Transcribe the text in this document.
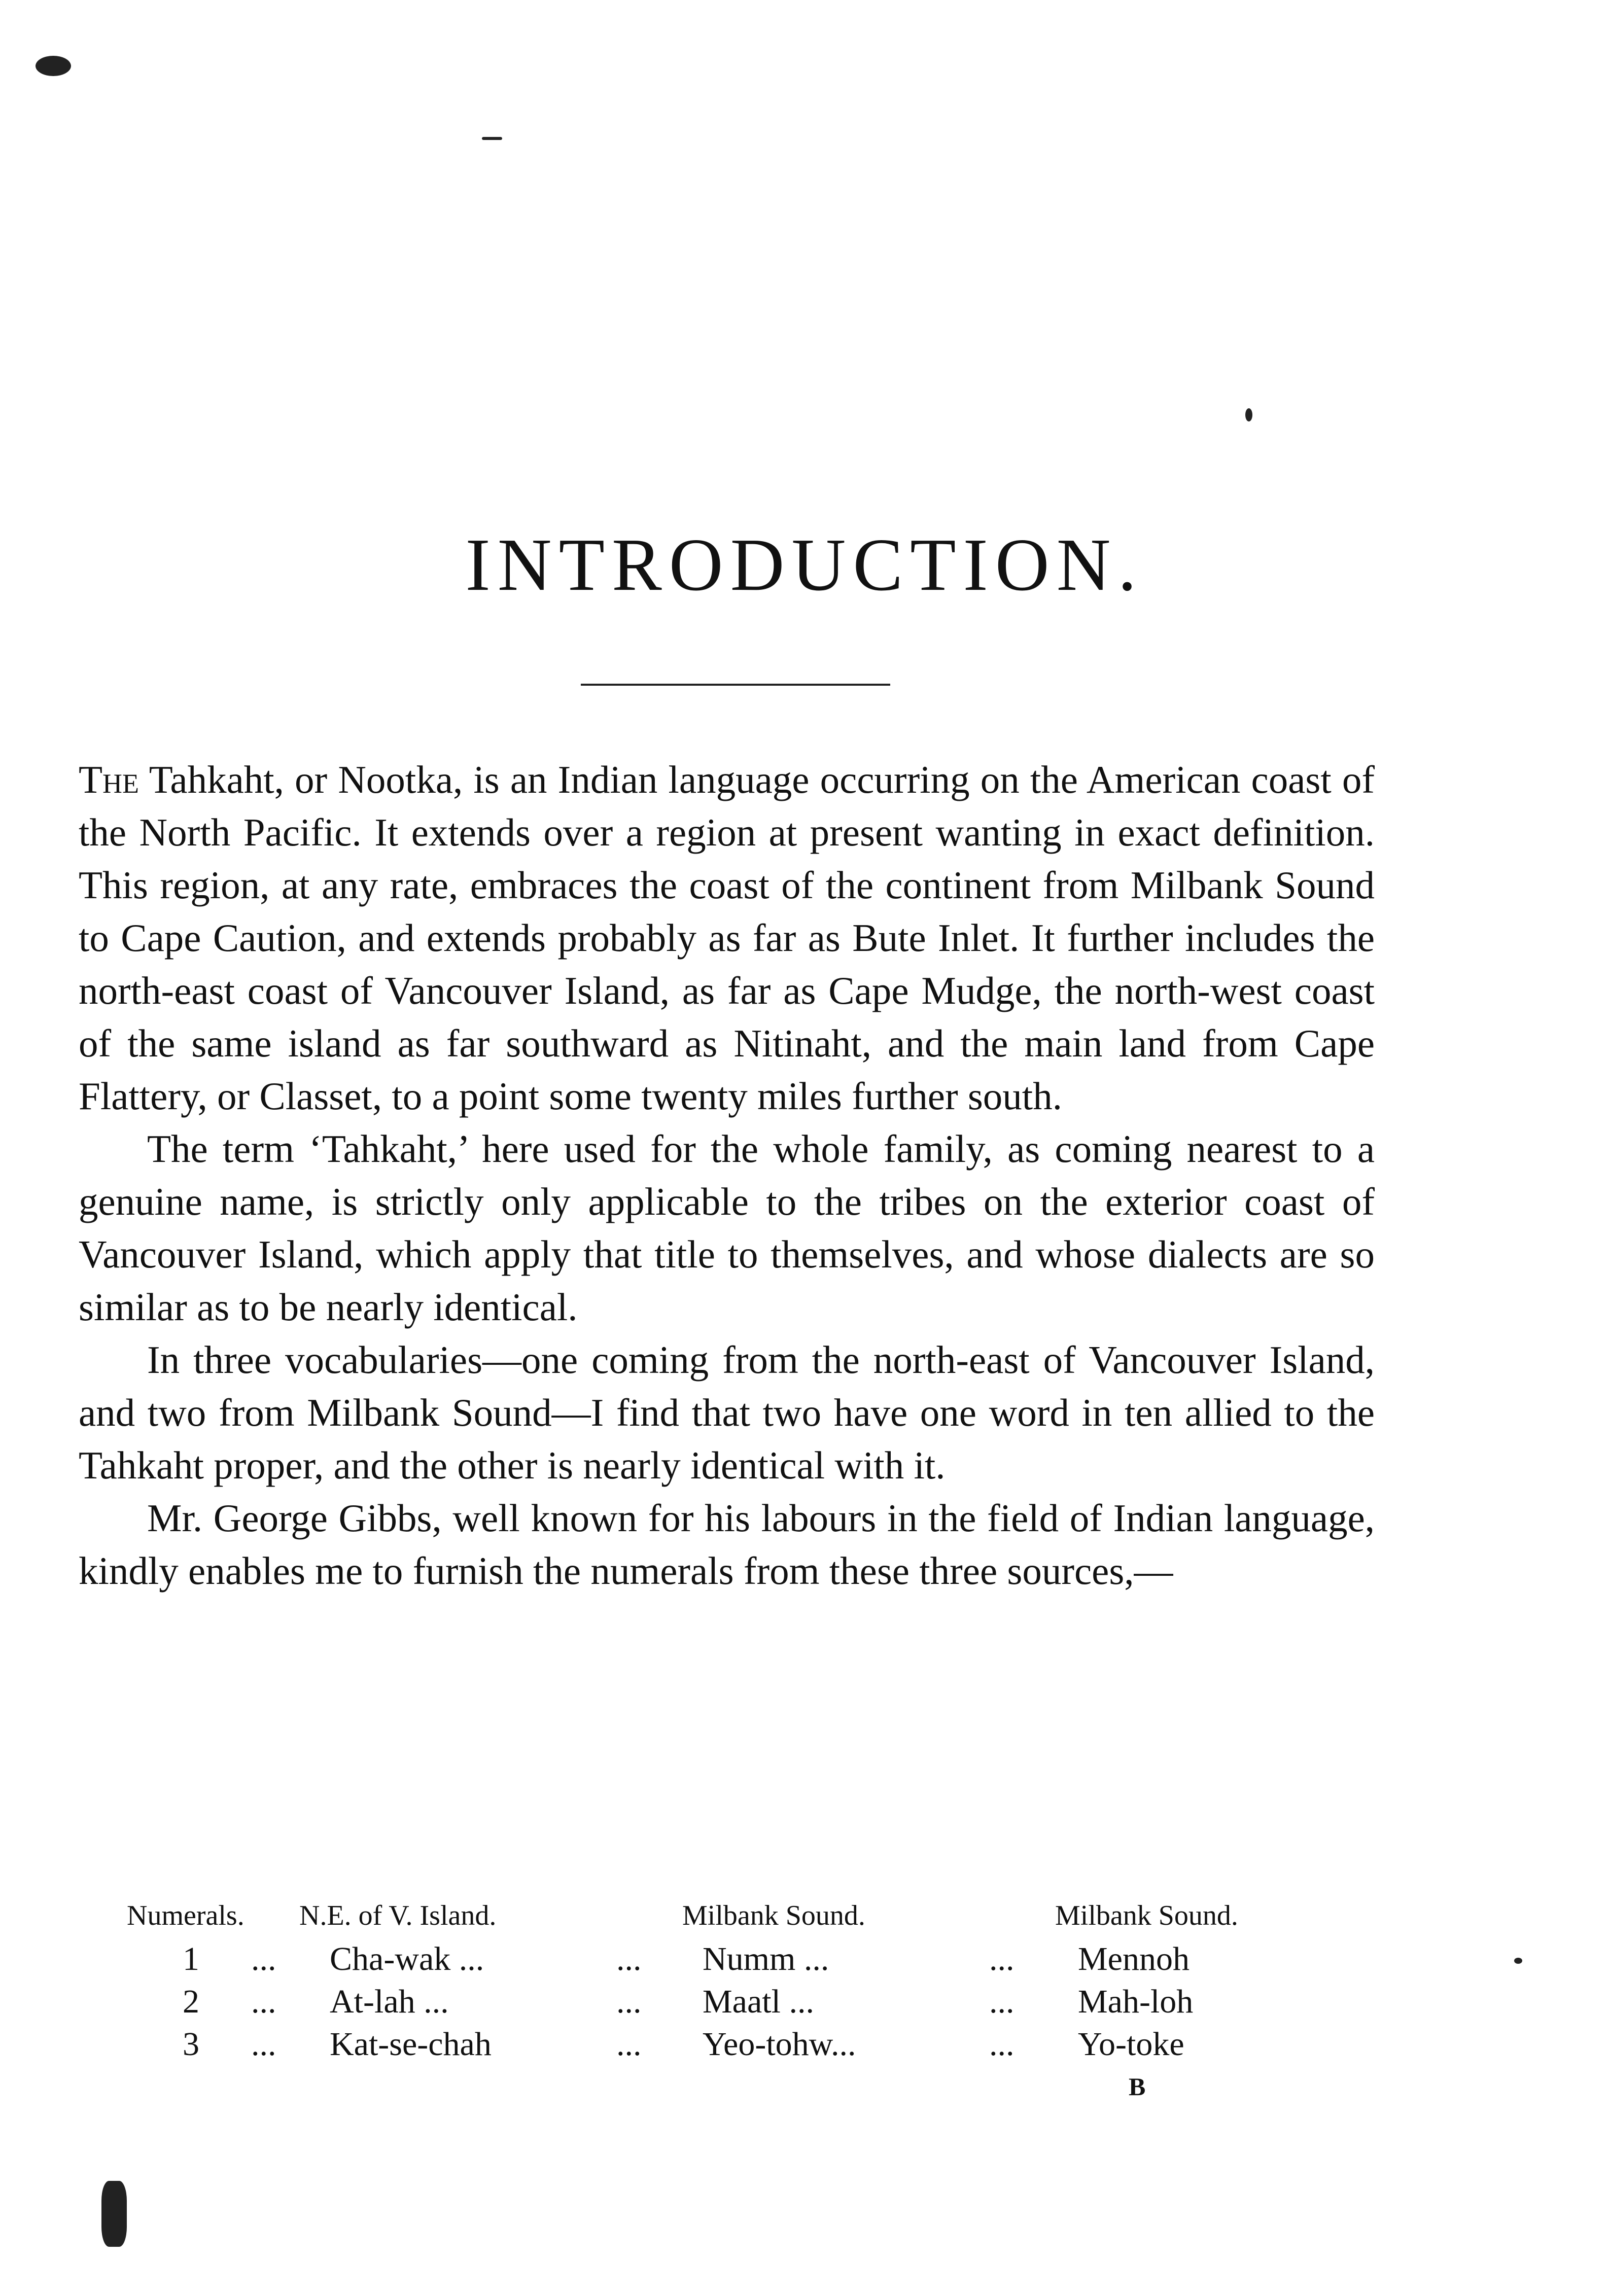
INTRODUCTION.

The Tahkaht, or Nootka, is an Indian language occurring on the American coast of the North Pacific. It extends over a region at present wanting in exact definition. This region, at any rate, embraces the coast of the continent from Milbank Sound to Cape Caution, and extends probably as far as Bute Inlet. It further includes the north-east coast of Vancouver Island, as far as Cape Mudge, the north-west coast of the same island as far southward as Nitinaht, and the main land from Cape Flattery, or Classet, to a point some twenty miles further south.

The term ‘Tahkaht,’ here used for the whole family, as coming nearest to a genuine name, is strictly only applicable to the tribes on the exterior coast of Vancouver Island, which apply that title to themselves, and whose dialects are so similar as to be nearly identical.

In three vocabularies—one coming from the north-east of Vancouver Island, and two from Milbank Sound—I find that two have one word in ten allied to the Tahkaht proper, and the other is nearly identical with it.

Mr. George Gibbs, well known for his labours in the field of Indian language, kindly enables me to furnish the numerals from these three sources,—

Numerals. N.E. of V. Island.	Milbank Sound.	Milbank Sound.
1 ... Cha-wak ...	... Numm ...	... Mennoh
2 ... At-lah ...	... Maatl ...	... Mah-loh
3 ... Kat-se-chah	... Yeo-tohw...	... Yo-toke
B
